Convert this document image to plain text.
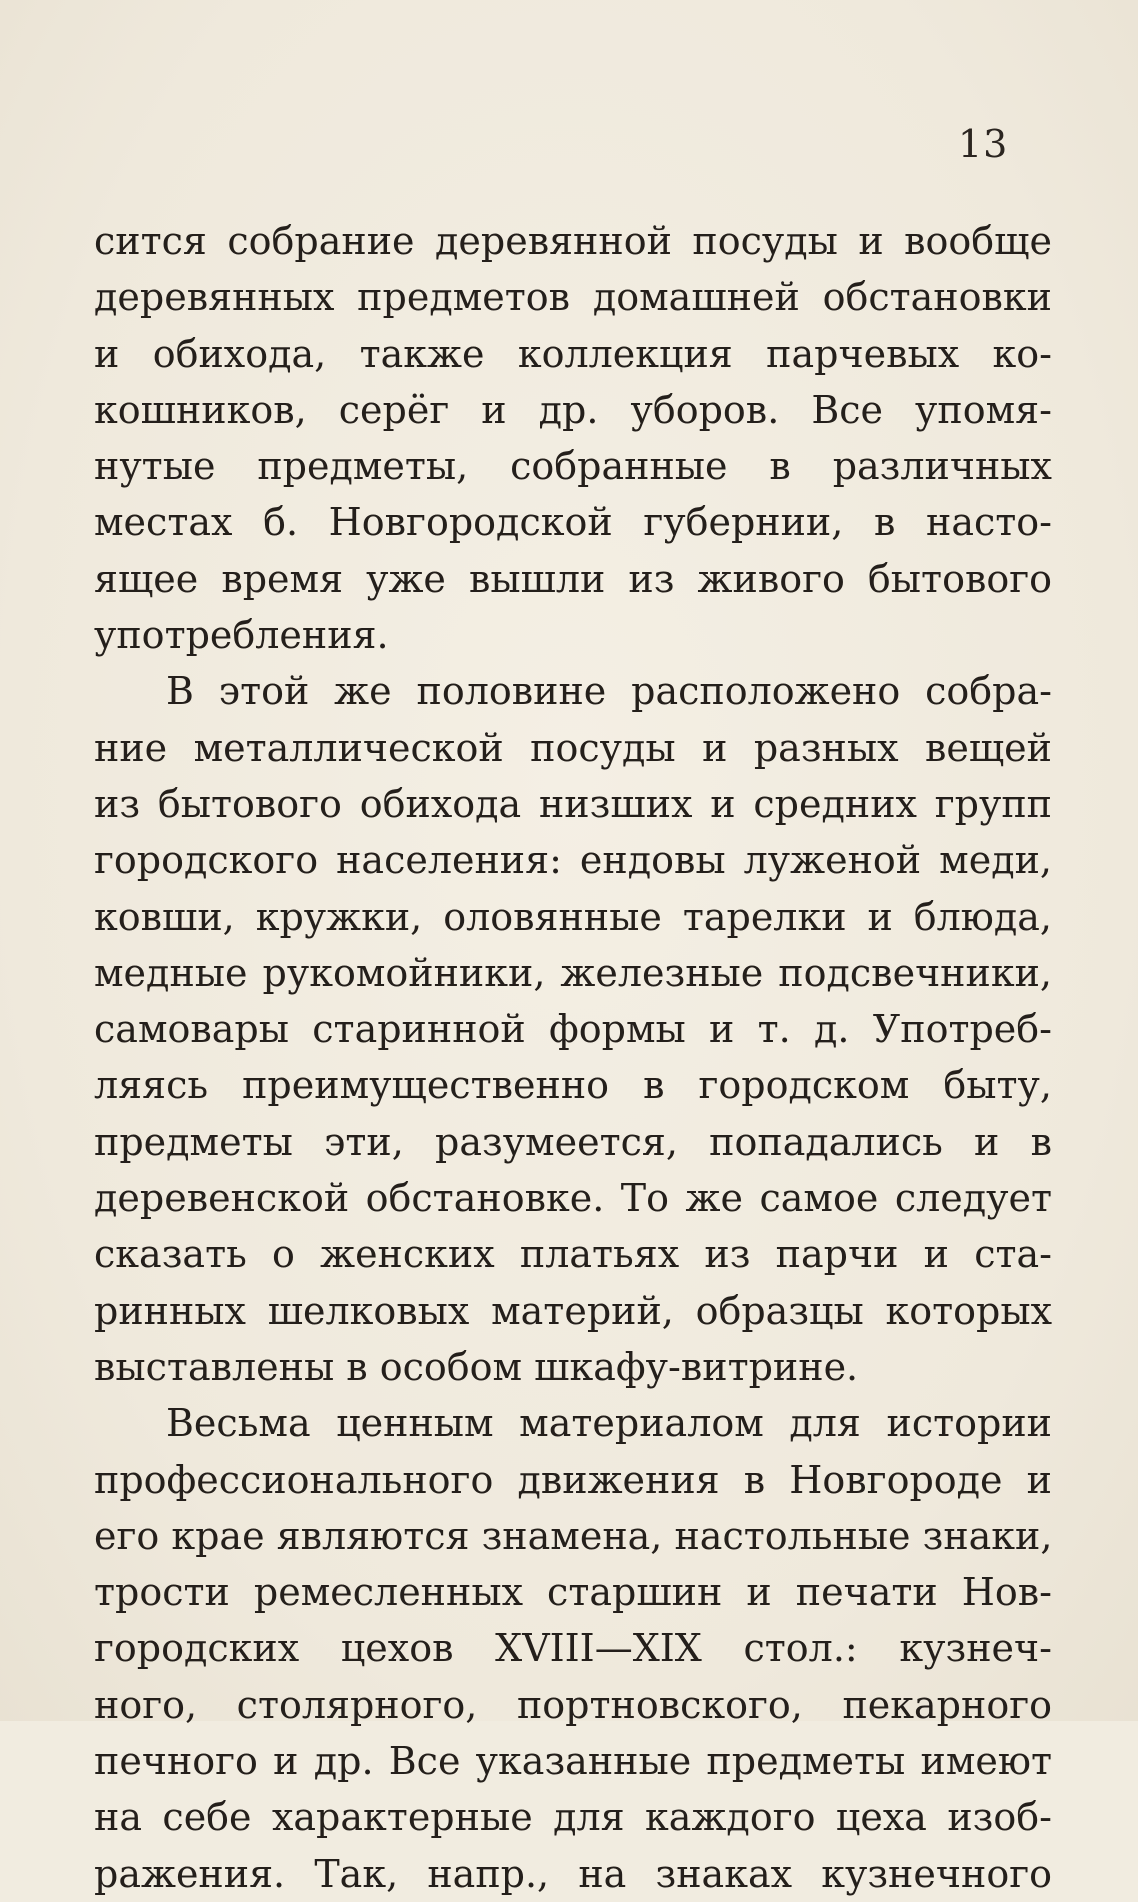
13
сится собрание деревянной посуды и вообще
деревянных предметов домашней обстановки
и обихода, также коллекция парчевых ко-
кошников, серёг и др. уборов. Все упомя-
нутые предметы, собранные в различных
местах б. Новгородской губернии, в насто-
ящее время уже вышли из живого бытового
употребления.
В этой же половине расположено собра-
ние металлической посуды и разных вещей
из бытового обихода низших и средних групп
городского населения: ендовы луженой меди,
ковши, кружки, оловянные тарелки и блюда,
медные рукомойники, железные подсвечники,
самовары старинной формы и т. д. Употреб-
ляясь преимущественно в городском быту,
предметы эти, разумеется, попадались и в
деревенской обстановке. То же самое следует
сказать о женских платьях из парчи и ста-
ринных шелковых материй, образцы которых
выставлены в особом шкафу-витрине.
Весьма ценным материалом для истории
профессионального движения в Новгороде и
его крае являются знамена, настольные знаки,
трости ремесленных старшин и печати Нов-
городских цехов XVIII—XIX стол.: кузнеч-
ного, столярного, портновского, пекарного
печного и др. Все указанные предметы имеют
на себе характерные для каждого цеха изоб-
ражения. Так, напр., на знаках кузнечного
